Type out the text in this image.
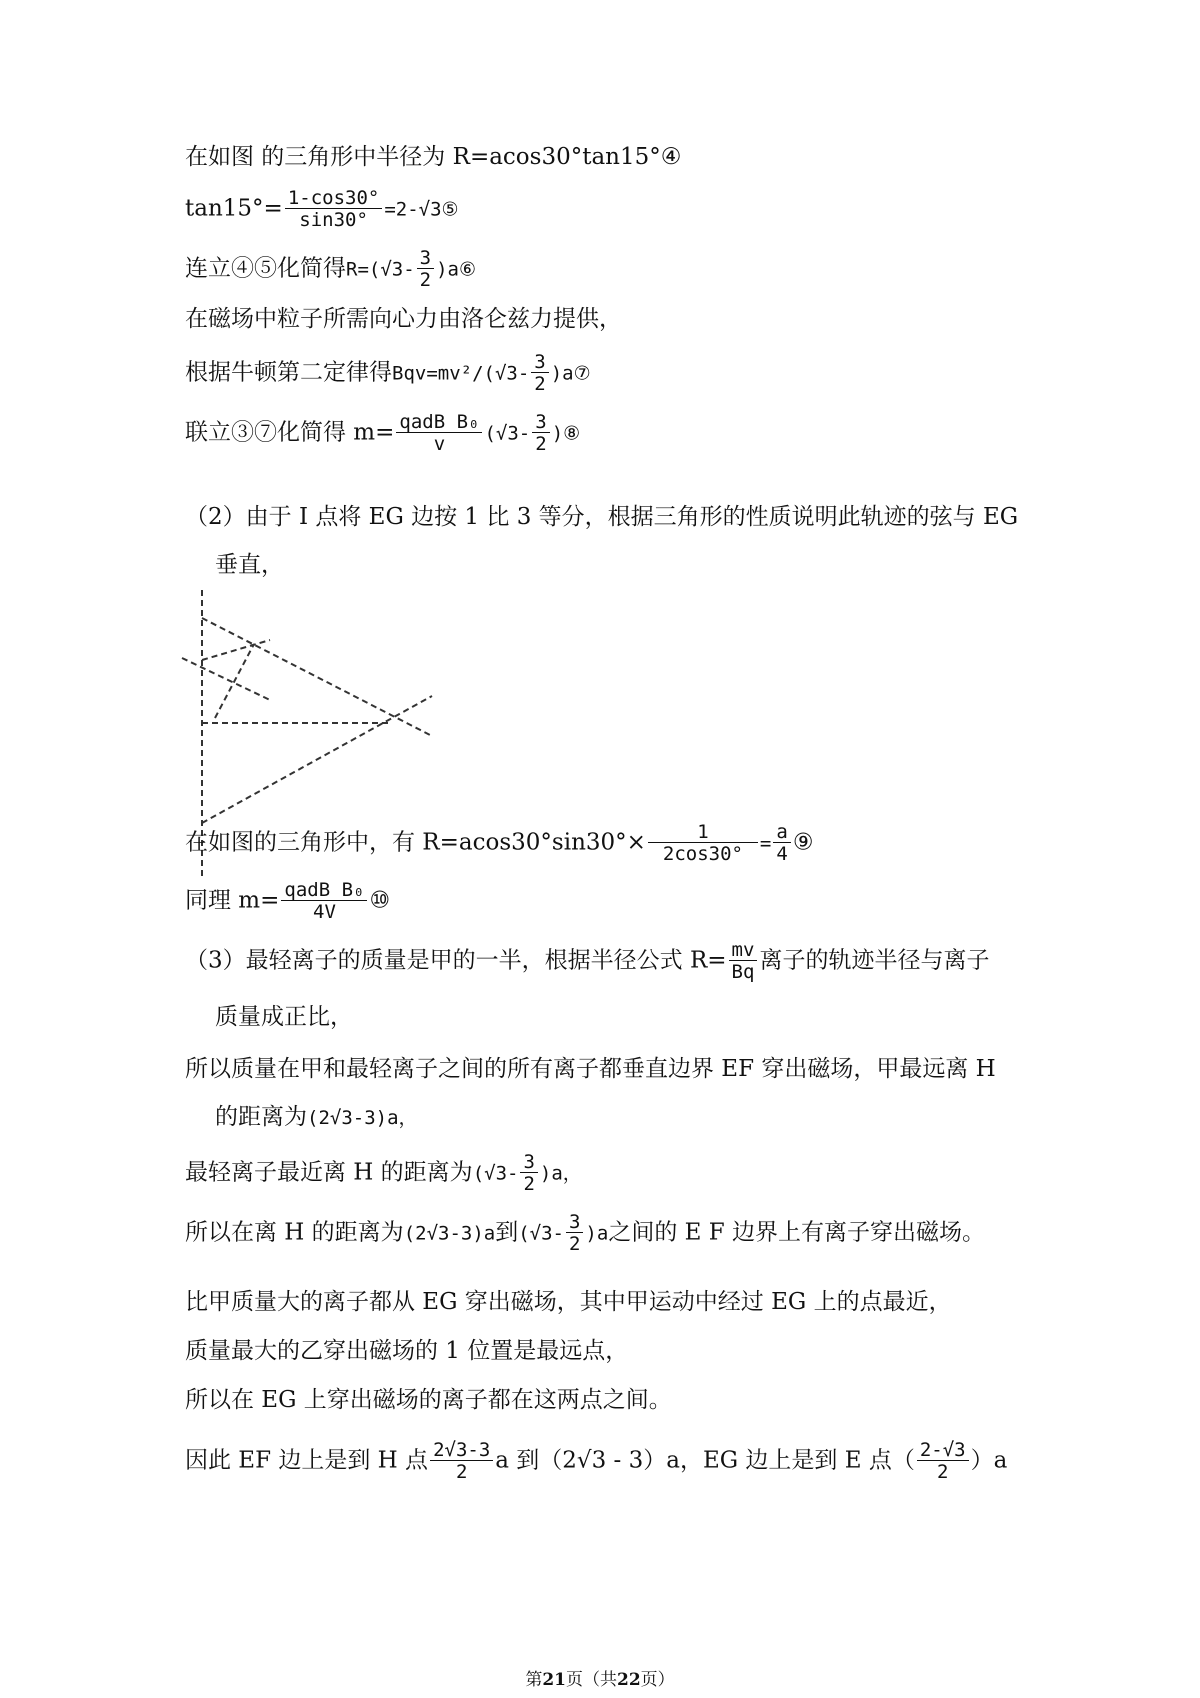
在如图 的三角形中半径为 R=acos30°tan15°④
$\tan 15^\circ= \frac{1-\cos 30^\circ}{\sin 30^\circ}$ =2-√3⑤
连立④⑤化简得$R=(√3- \frac{3}{2}$ )a⑥
在磁场中粒子所需向心力由洛仑兹力提供，
根据牛顿第二定律得$Bqv=mv^2/(√3- \frac{3}{2}$ )a⑦
联立③⑦化简得 $m= \frac{\text{qadB B₀}}{v} (√3- \frac{3}{2}$ )⑧
（2）由于 I 点将 EG 边按 1 比 3 等分，根据三角形的性质说明此轨迹的弦与 EG
垂直，
在如图的三角形中，有 $R=acos30^\circ\sin 30^\circ\times \frac{1}{2\cos 30^\circ} = \frac{a}{4}$ ⑨
同理 $m= \frac{\text{qadB B₀}}{4V}$ ⑩
（3）最轻离子的质量是甲的一半，根据半径公式 $R= \frac{mv}{Bq}$ 离子的轨迹半径与离子
质量成正比，
所以质量在甲和最轻离子之间的所有离子都垂直边界 EF 穿出磁场，甲最远离 H
的距离为(2√3-3)a，
最轻离子最近离 H 的距离为$(√3- \frac{3}{2} )a$，
所以在离 H 的距离为(2√3-3)a到$(√3- \frac{3}{2} )a$之间的 E F 边界上有离子穿出磁场。
比甲质量大的离子都从 EG 穿出磁场，其中甲运动中经过 EG 上的点最近，
质量最大的乙穿出磁场的 1 位置是最远点，
所以在 EG 上穿出磁场的离子都在这两点之间。
因此 EF 边上是到 H 点 $\frac{2√3-3}{2}$ a 到（2√3 - 3）a，EG 边上是到 E 点（ $\frac{2-√3}{2} )a$
第21页（共22页）
